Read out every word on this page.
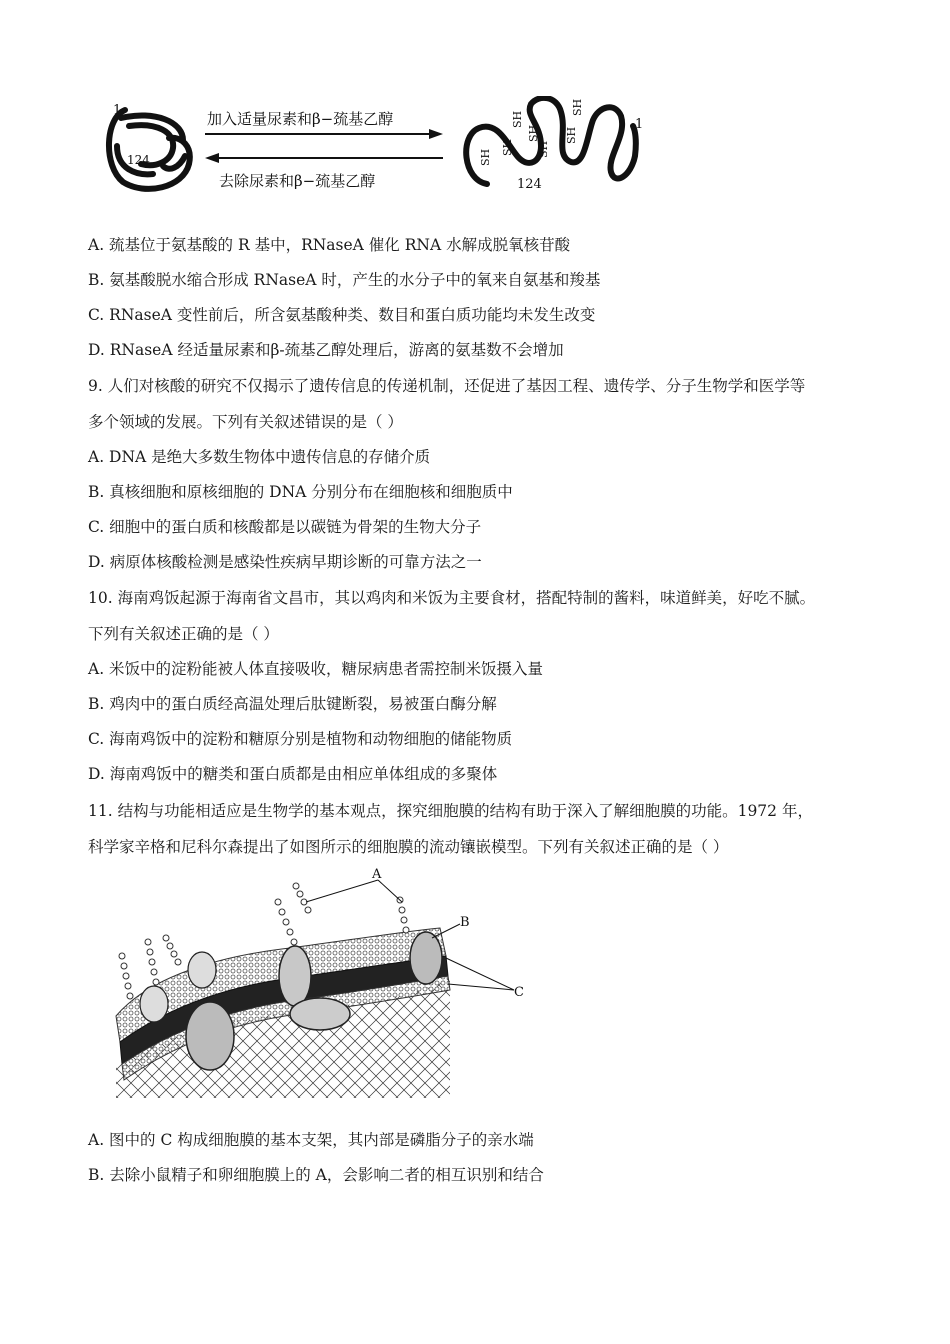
1
124
加入适量尿素和β−巯基乙醇
去除尿素和β−巯基乙醇
SH
SH
SH
SH
SH
SH
SH
124
1
A. 巯基位于氨基酸的 R 基中，RNaseA 催化 RNA 水解成脱氧核苷酸
B. 氨基酸脱水缩合形成 RNaseA 时，产生的水分子中的氧来自氨基和羧基
C. RNaseA 变性前后，所含氨基酸种类、数目和蛋白质功能均未发生改变
D. RNaseA 经适量尿素和β-巯基乙醇处理后，游离的氨基数不会增加
9. 人们对核酸的研究不仅揭示了遗传信息的传递机制，还促进了基因工程、遗传学、分子生物学和医学等
多个领域的发展。下列有关叙述错误的是（ ）
A. DNA 是绝大多数生物体中遗传信息的存储介质
B. 真核细胞和原核细胞的 DNA 分别分布在细胞核和细胞质中
C. 细胞中的蛋白质和核酸都是以碳链为骨架的生物大分子
D. 病原体核酸检测是感染性疾病早期诊断的可靠方法之一
10. 海南鸡饭起源于海南省文昌市，其以鸡肉和米饭为主要食材，搭配特制的酱料，味道鲜美，好吃不腻。
下列有关叙述正确的是（ ）
A. 米饭中的淀粉能被人体直接吸收，糖尿病患者需控制米饭摄入量
B. 鸡肉中的蛋白质经高温处理后肽键断裂，易被蛋白酶分解
C. 海南鸡饭中的淀粉和糖原分别是植物和动物细胞的储能物质
D. 海南鸡饭中的糖类和蛋白质都是由相应单体组成的多聚体
11. 结构与功能相适应是生物学的基本观点，探究细胞膜的结构有助于深入了解细胞膜的功能。1972 年，
科学家辛格和尼科尔森提出了如图所示的细胞膜的流动镶嵌模型。下列有关叙述正确的是（ ）
A
B
C
A. 图中的 C 构成细胞膜的基本支架，其内部是磷脂分子的亲水端
B. 去除小鼠精子和卵细胞膜上的 A，会影响二者的相互识别和结合
